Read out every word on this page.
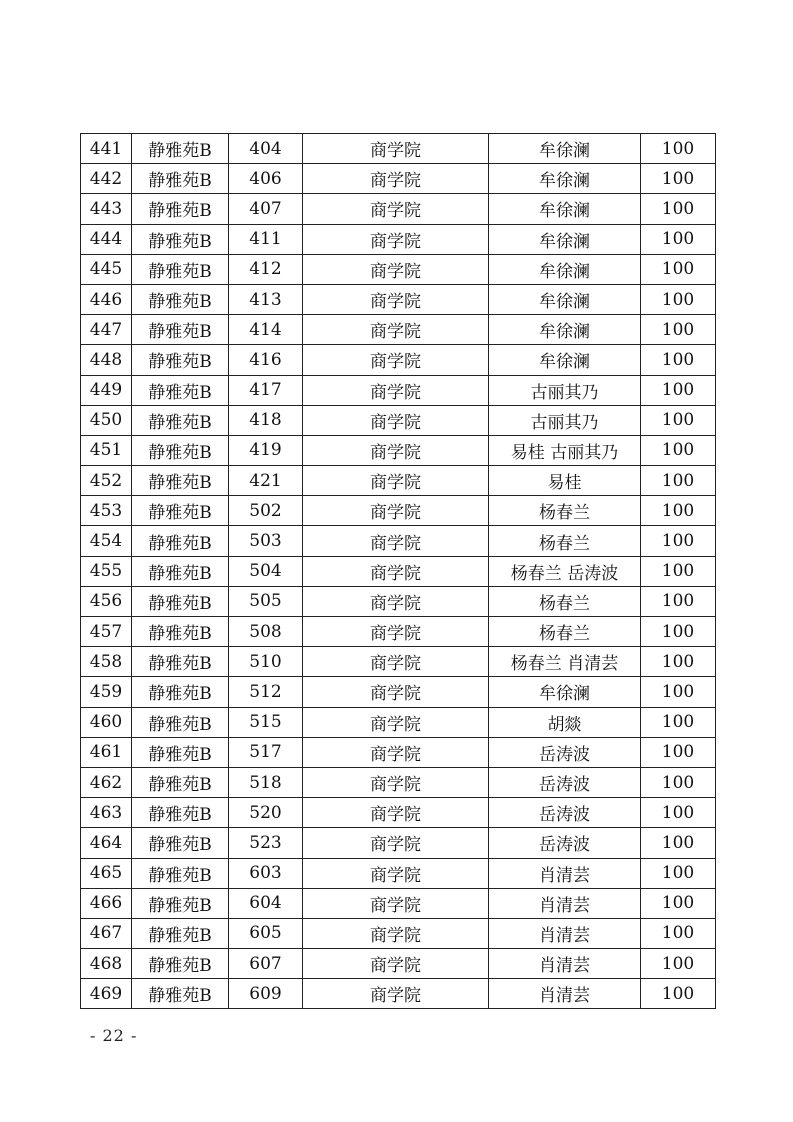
441	静雅苑B	404	商学院	牟徐澜	100
442	静雅苑B	406	商学院	牟徐澜	100
443	静雅苑B	407	商学院	牟徐澜	100
444	静雅苑B	411	商学院	牟徐澜	100
445	静雅苑B	412	商学院	牟徐澜	100
446	静雅苑B	413	商学院	牟徐澜	100
447	静雅苑B	414	商学院	牟徐澜	100
448	静雅苑B	416	商学院	牟徐澜	100
449	静雅苑B	417	商学院	古丽其乃	100
450	静雅苑B	418	商学院	古丽其乃	100
451	静雅苑B	419	商学院	易桂 古丽其乃	100
452	静雅苑B	421	商学院	易桂	100
453	静雅苑B	502	商学院	杨春兰	100
454	静雅苑B	503	商学院	杨春兰	100
455	静雅苑B	504	商学院	杨春兰 岳涛波	100
456	静雅苑B	505	商学院	杨春兰	100
457	静雅苑B	508	商学院	杨春兰	100
458	静雅苑B	510	商学院	杨春兰 肖清芸	100
459	静雅苑B	512	商学院	牟徐澜	100
460	静雅苑B	515	商学院	胡燚	100
461	静雅苑B	517	商学院	岳涛波	100
462	静雅苑B	518	商学院	岳涛波	100
463	静雅苑B	520	商学院	岳涛波	100
464	静雅苑B	523	商学院	岳涛波	100
465	静雅苑B	603	商学院	肖清芸	100
466	静雅苑B	604	商学院	肖清芸	100
467	静雅苑B	605	商学院	肖清芸	100
468	静雅苑B	607	商学院	肖清芸	100
469	静雅苑B	609	商学院	肖清芸	100
- 22 -
